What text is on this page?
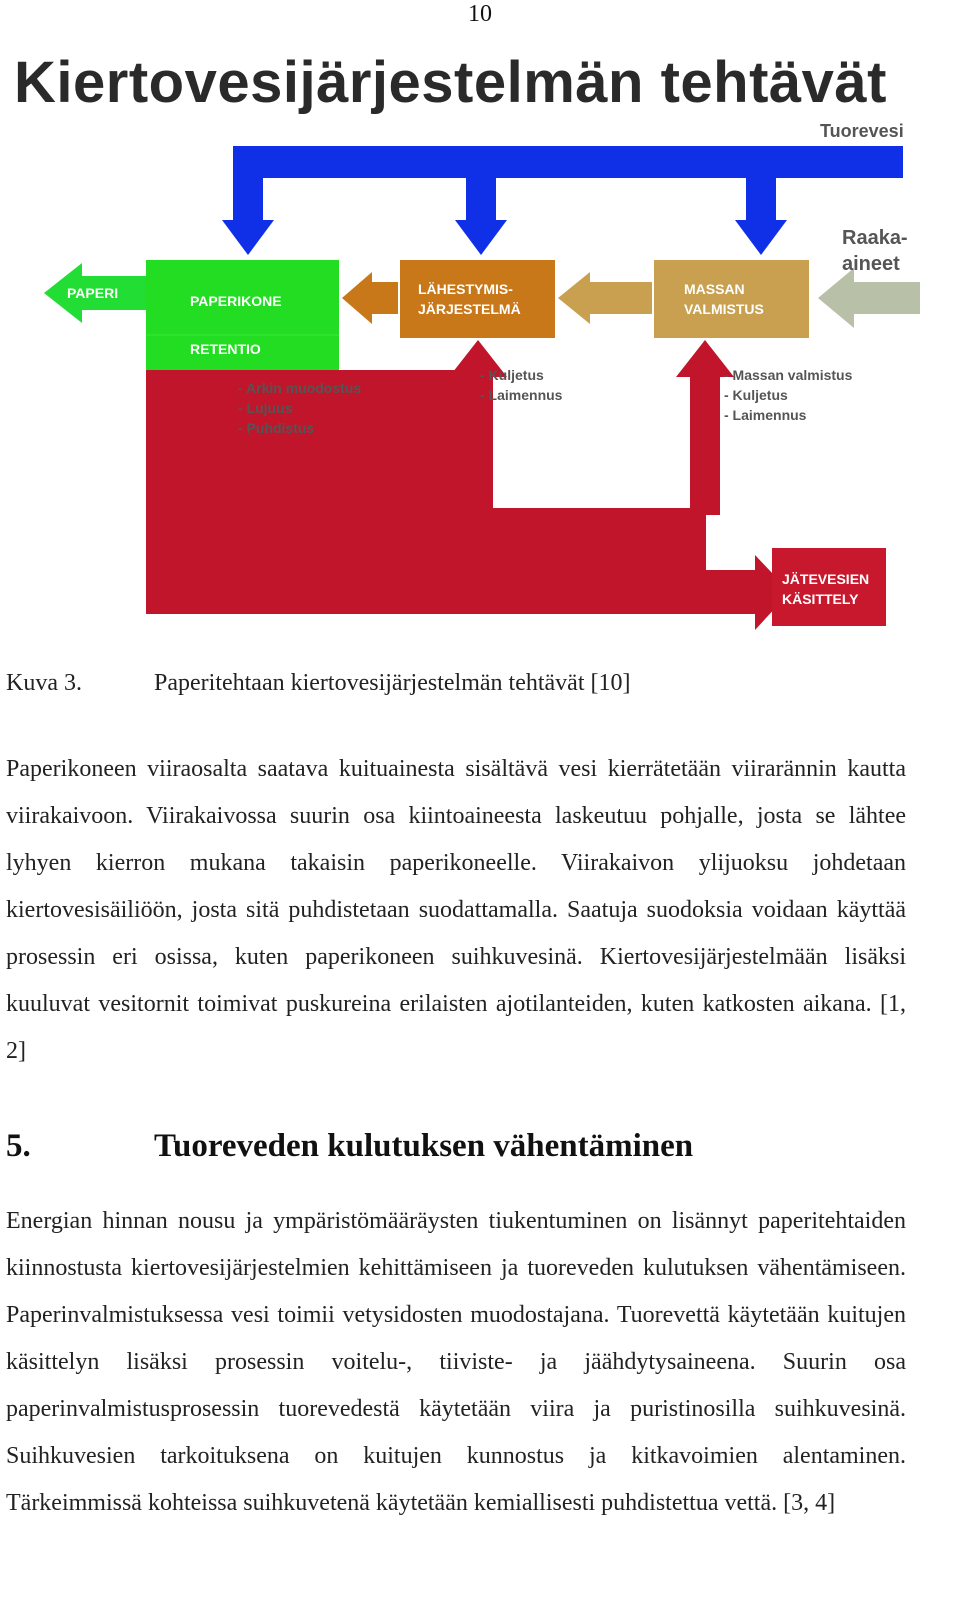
10
Kiertovesijärjestelmän tehtävät
Tuorevesi
PAPERI	PAPERIKONE
RETENTIO
LÄHESTYMIS-
JÄRJESTELMÄ
MASSAN
VALMISTUS
Raaka-
aineet
- Arkin muodostus
- Lujuus
- Puhdistus
- Kuljetus
- Laimennus
- Massan valmistus
- Kuljetus
- Laimennus
JÄTEVESIEN
KÄSITTELY
Kuva 3.	Paperitehtaan kiertovesijärjestelmän tehtävät [10]

Paperikoneen viiraosalta saatava kuituainesta sisältävä vesi kierrätetään viirarännin kautta viirakaivoon. Viirakaivossa suurin osa kiintoaineesta laskeutuu pohjalle, josta se lähtee lyhyen kierron mukana takaisin paperikoneelle. Viirakaivon ylijuoksu johdetaan kiertovesisäiliöön, josta sitä puhdistetaan suodattamalla. Saatuja suodoksia voidaan käyttää prosessin eri osissa, kuten paperikoneen suihkuvesinä. Kiertovesijärjestelmään lisäksi kuuluvat vesitornit toimivat puskureina erilaisten ajotilanteiden, kuten katkosten aikana. [1, 2]

5.	Tuoreveden kulutuksen vähentäminen

Energian hinnan nousu ja ympäristömääräysten tiukentuminen on lisännyt paperitehtaiden kiinnostusta kiertovesijärjestelmien kehittämiseen ja tuoreveden kulutuksen vähentämiseen. Paperinvalmistuksessa vesi toimii vetysidosten muodostajana. Tuorevettä käytetään kuitujen käsittelyn lisäksi prosessin voitelu-, tiiviste- ja jäähdytysaineena. Suurin osa paperinvalmistusprosessin tuorevedestä käytetään viira ja puristinosilla suihkuvesinä. Suihkuvesien tarkoituksena on kuitujen kunnostus ja kitkavoimien alentaminen. Tärkeimmissä kohteissa suihkuvetenä käytetään kemiallisesti puhdistettua vettä. [3, 4]
